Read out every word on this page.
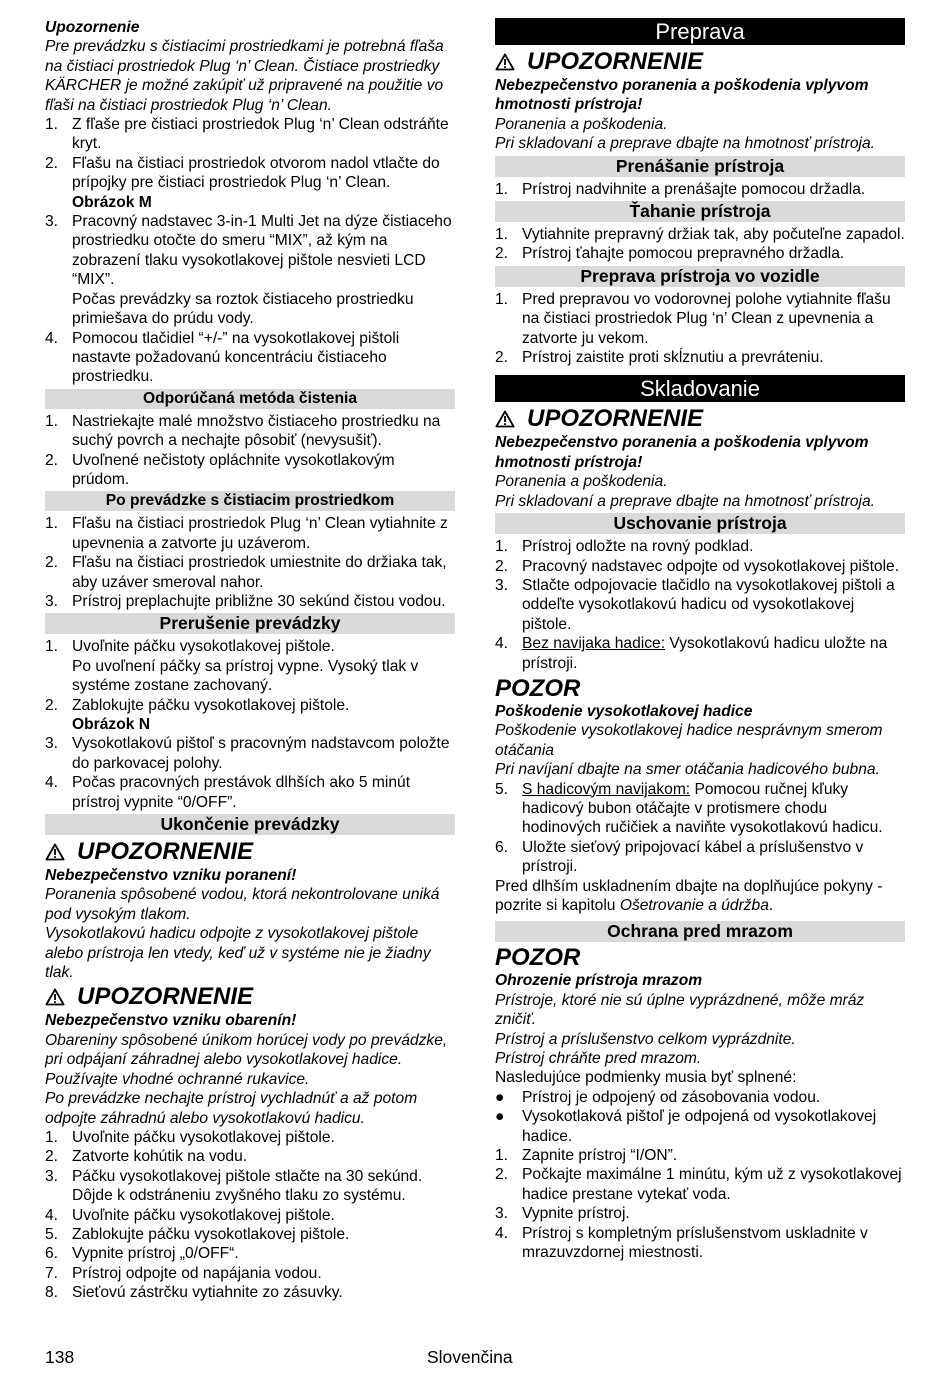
Upozornenie

Pre prevádzku s čistiacimi prostriedkami je potrebná fľaša na čistiaci prostriedok Plug ‘n’ Clean. Čistiace prostriedky KÄRCHER je možné zakúpiť už pripravené na použitie vo fľaši na čistiaci prostriedok Plug ‘n’ Clean.

1. Z fľaše pre čistiaci prostriedok Plug ‘n’ Clean odstráňte kryt.
2. Fľašu na čistiaci prostriedok otvorom nadol vtlačte do prípojky pre čistiaci prostriedok Plug ‘n’ Clean.
Obrázok M
3. Pracovný nadstavec 3-in-1 Multi Jet na dýze čistiaceho prostriedku otočte do smeru “MIX”, až kým na zobrazení tlaku vysokotlakovej pištole nesvieti LCD “MIX”.
Počas prevádzky sa roztok čistiaceho prostriedku primiešava do prúdu vody.
4. Pomocou tlačidiel “+/-” na vysokotlakovej pištoli nastavte požadovanú koncentráciu čistiaceho prostriedku.
Odporúčaná metóda čistenia
1. Nastriekajte malé množstvo čistiaceho prostriedku na suchý povrch a nechajte pôsobiť (nevysušiť).
2. Uvoľnené nečistoty opláchnite vysokotlakovým prúdom.
Po prevádzke s čistiacim prostriedkom
1. Fľašu na čistiaci prostriedok Plug ‘n’ Clean vytiahnite z upevnenia a zatvorte ju uzáverom.
2. Fľašu na čistiaci prostriedok umiestnite do držiaka tak, aby uzáver smeroval nahor.
3. Prístroj preplachujte približne 30 sekúnd čistou vodou.
Prerušenie prevádzky
1. Uvoľnite páčku vysokotlakovej pištole.
Po uvoľnení páčky sa prístroj vypne. Vysoký tlak v systéme zostane zachovaný.
2. Zablokujte páčku vysokotlakovej pištole.
Obrázok N
3. Vysokotlakovú pištoľ s pracovným nadstavcom položte do parkovacej polohy.
4. Počas pracovných prestávok dlhších ako 5 minút prístroj vypnite “0/OFF”.
Ukončenie prevádzky
UPOZORNENIE

Nebezpečenstvo vzniku poranení!

Poranenia spôsobené vodou, ktorá nekontrolovane uniká pod vysokým tlakom.

Vysokotlakovú hadicu odpojte z vysokotlakovej pištole alebo prístroja len vtedy, keď už v systéme nie je žiadny tlak.

UPOZORNENIE

Nebezpečenstvo vzniku obarenín!

Obareniny spôsobené únikom horúcej vody po prevádzke, pri odpájaní záhradnej alebo vysokotlakovej hadice.

Používajte vhodné ochranné rukavice.

Po prevádzke nechajte prístroj vychladnúť a až potom odpojte záhradnú alebo vysokotlakovú hadicu.

1. Uvoľnite páčku vysokotlakovej pištole.
2. Zatvorte kohútik na vodu.
3. Páčku vysokotlakovej pištole stlačte na 30 sekúnd. Dôjde k odstráneniu zvyšného tlaku zo systému.
4. Uvoľnite páčku vysokotlakovej pištole.
5. Zablokujte páčku vysokotlakovej pištole.
6. Vypnite prístroj „0/OFF“.
7. Prístroj odpojte od napájania vodou.
8. Sieťovú zástrčku vytiahnite zo zásuvky.
Preprava
UPOZORNENIE

Nebezpečenstvo poranenia a poškodenia vplyvom hmotnosti prístroja!

Poranenia a poškodenia.

Pri skladovaní a preprave dbajte na hmotnosť prístroja.

Prenášanie prístroja
1. Prístroj nadvihnite a prenášajte pomocou držadla.
Ťahanie prístroja
1. Vytiahnite prepravný držiak tak, aby počuteľne zapadol.
2. Prístroj ťahajte pomocou prepravného držadla.
Preprava prístroja vo vozidle
1. Pred prepravou vo vodorovnej polohe vytiahnite fľašu na čistiaci prostriedok Plug ‘n’ Clean z upevnenia a zatvorte ju vekom.
2. Prístroj zaistite proti skĺznutiu a prevráteniu.
Skladovanie
UPOZORNENIE

Nebezpečenstvo poranenia a poškodenia vplyvom hmotnosti prístroja!

Poranenia a poškodenia.

Pri skladovaní a preprave dbajte na hmotnosť prístroja.

Uschovanie prístroja
1. Prístroj odložte na rovný podklad.
2. Pracovný nadstavec odpojte od vysokotlakovej pištole.
3. Stlačte odpojovacie tlačidlo na vysokotlakovej pištoli a oddeľte vysokotlakovú hadicu od vysokotlakovej pištole.
4. Bez navijaka hadice: Vysokotlakovú hadicu uložte na prístroji.
POZOR

Poškodenie vysokotlakovej hadice

Poškodenie vysokotlakovej hadice nesprávnym smerom otáčania

Pri navíjaní dbajte na smer otáčania hadicového bubna.

5. S hadicovým navijakom: Pomocou ručnej kľuky hadicový bubon otáčajte v protismere chodu hodinových ručičiek a naviňte vysokotlakovú hadicu.
6. Uložte sieťový pripojovací kábel a príslušenstvo v prístroji.

Pred dlhším uskladnením dbajte na doplňujúce pokyny - pozrite si kapitolu Ošetrovanie a údržba.

Ochrana pred mrazom
POZOR

Ohrozenie prístroja mrazom

Prístroje, ktoré nie sú úplne vyprázdnené, môže mráz zničiť.

Prístroj a príslušenstvo celkom vyprázdnite.

Prístroj chráňte pred mrazom.

Nasledujúce podmienky musia byť splnené:

● Prístroj je odpojený od zásobovania vodou.
● Vysokotlaková pištoľ je odpojená od vysokotlakovej hadice.
1. Zapnite prístroj “I/ON”.
2. Počkajte maximálne 1 minútu, kým už z vysokotlakovej hadice prestane vytekať voda.
3. Vypnite prístroj.
4. Prístroj s kompletným príslušenstvom uskladnite v mrazuvzdornej miestnosti.
138	Slovenčina
